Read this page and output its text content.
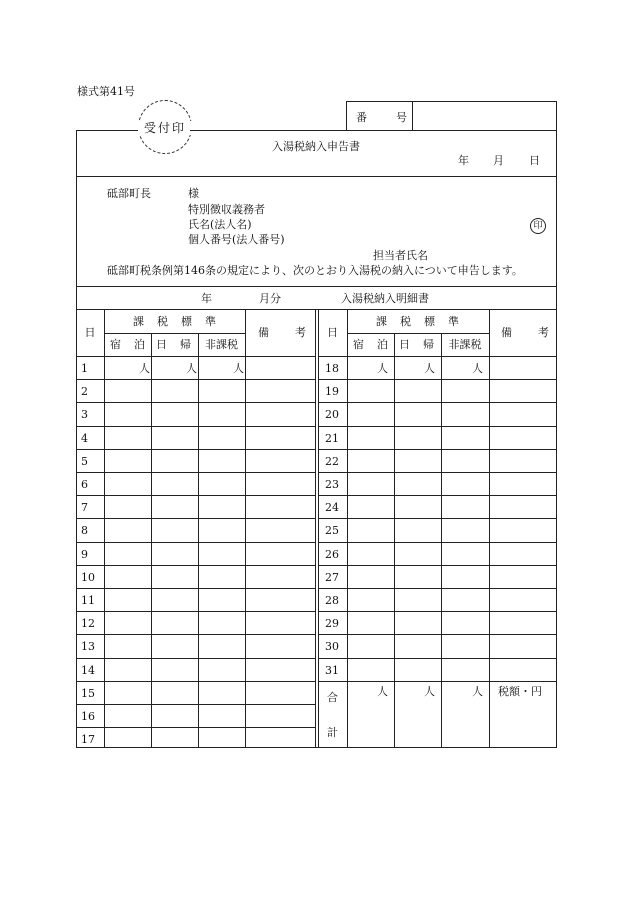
様式第41号
受付印
番	号
入湯税納入申告書
年 月 日
砥部町長	様
特別徴収義務者
氏名(法人名)	印
個人番号(法人番号)
担当者氏名
砥部町税条例第146条の規定により、次のとおり入湯税の納入について申告します。
年	月分	入湯税納入明細書
日
課 税 標 準
宿 泊 日 帰	非課税
備 考	日
課 税 標 準
宿 泊 日 帰	非課税
備 考
1	人	人	人
2
3
4
5
6
7
8
9
10
11
12
13
14
15
16
17
18	人	人	人
19
20
21
22
23
24
25
26
27
28
29
30
31
合
計
人	人	人 税額・円
